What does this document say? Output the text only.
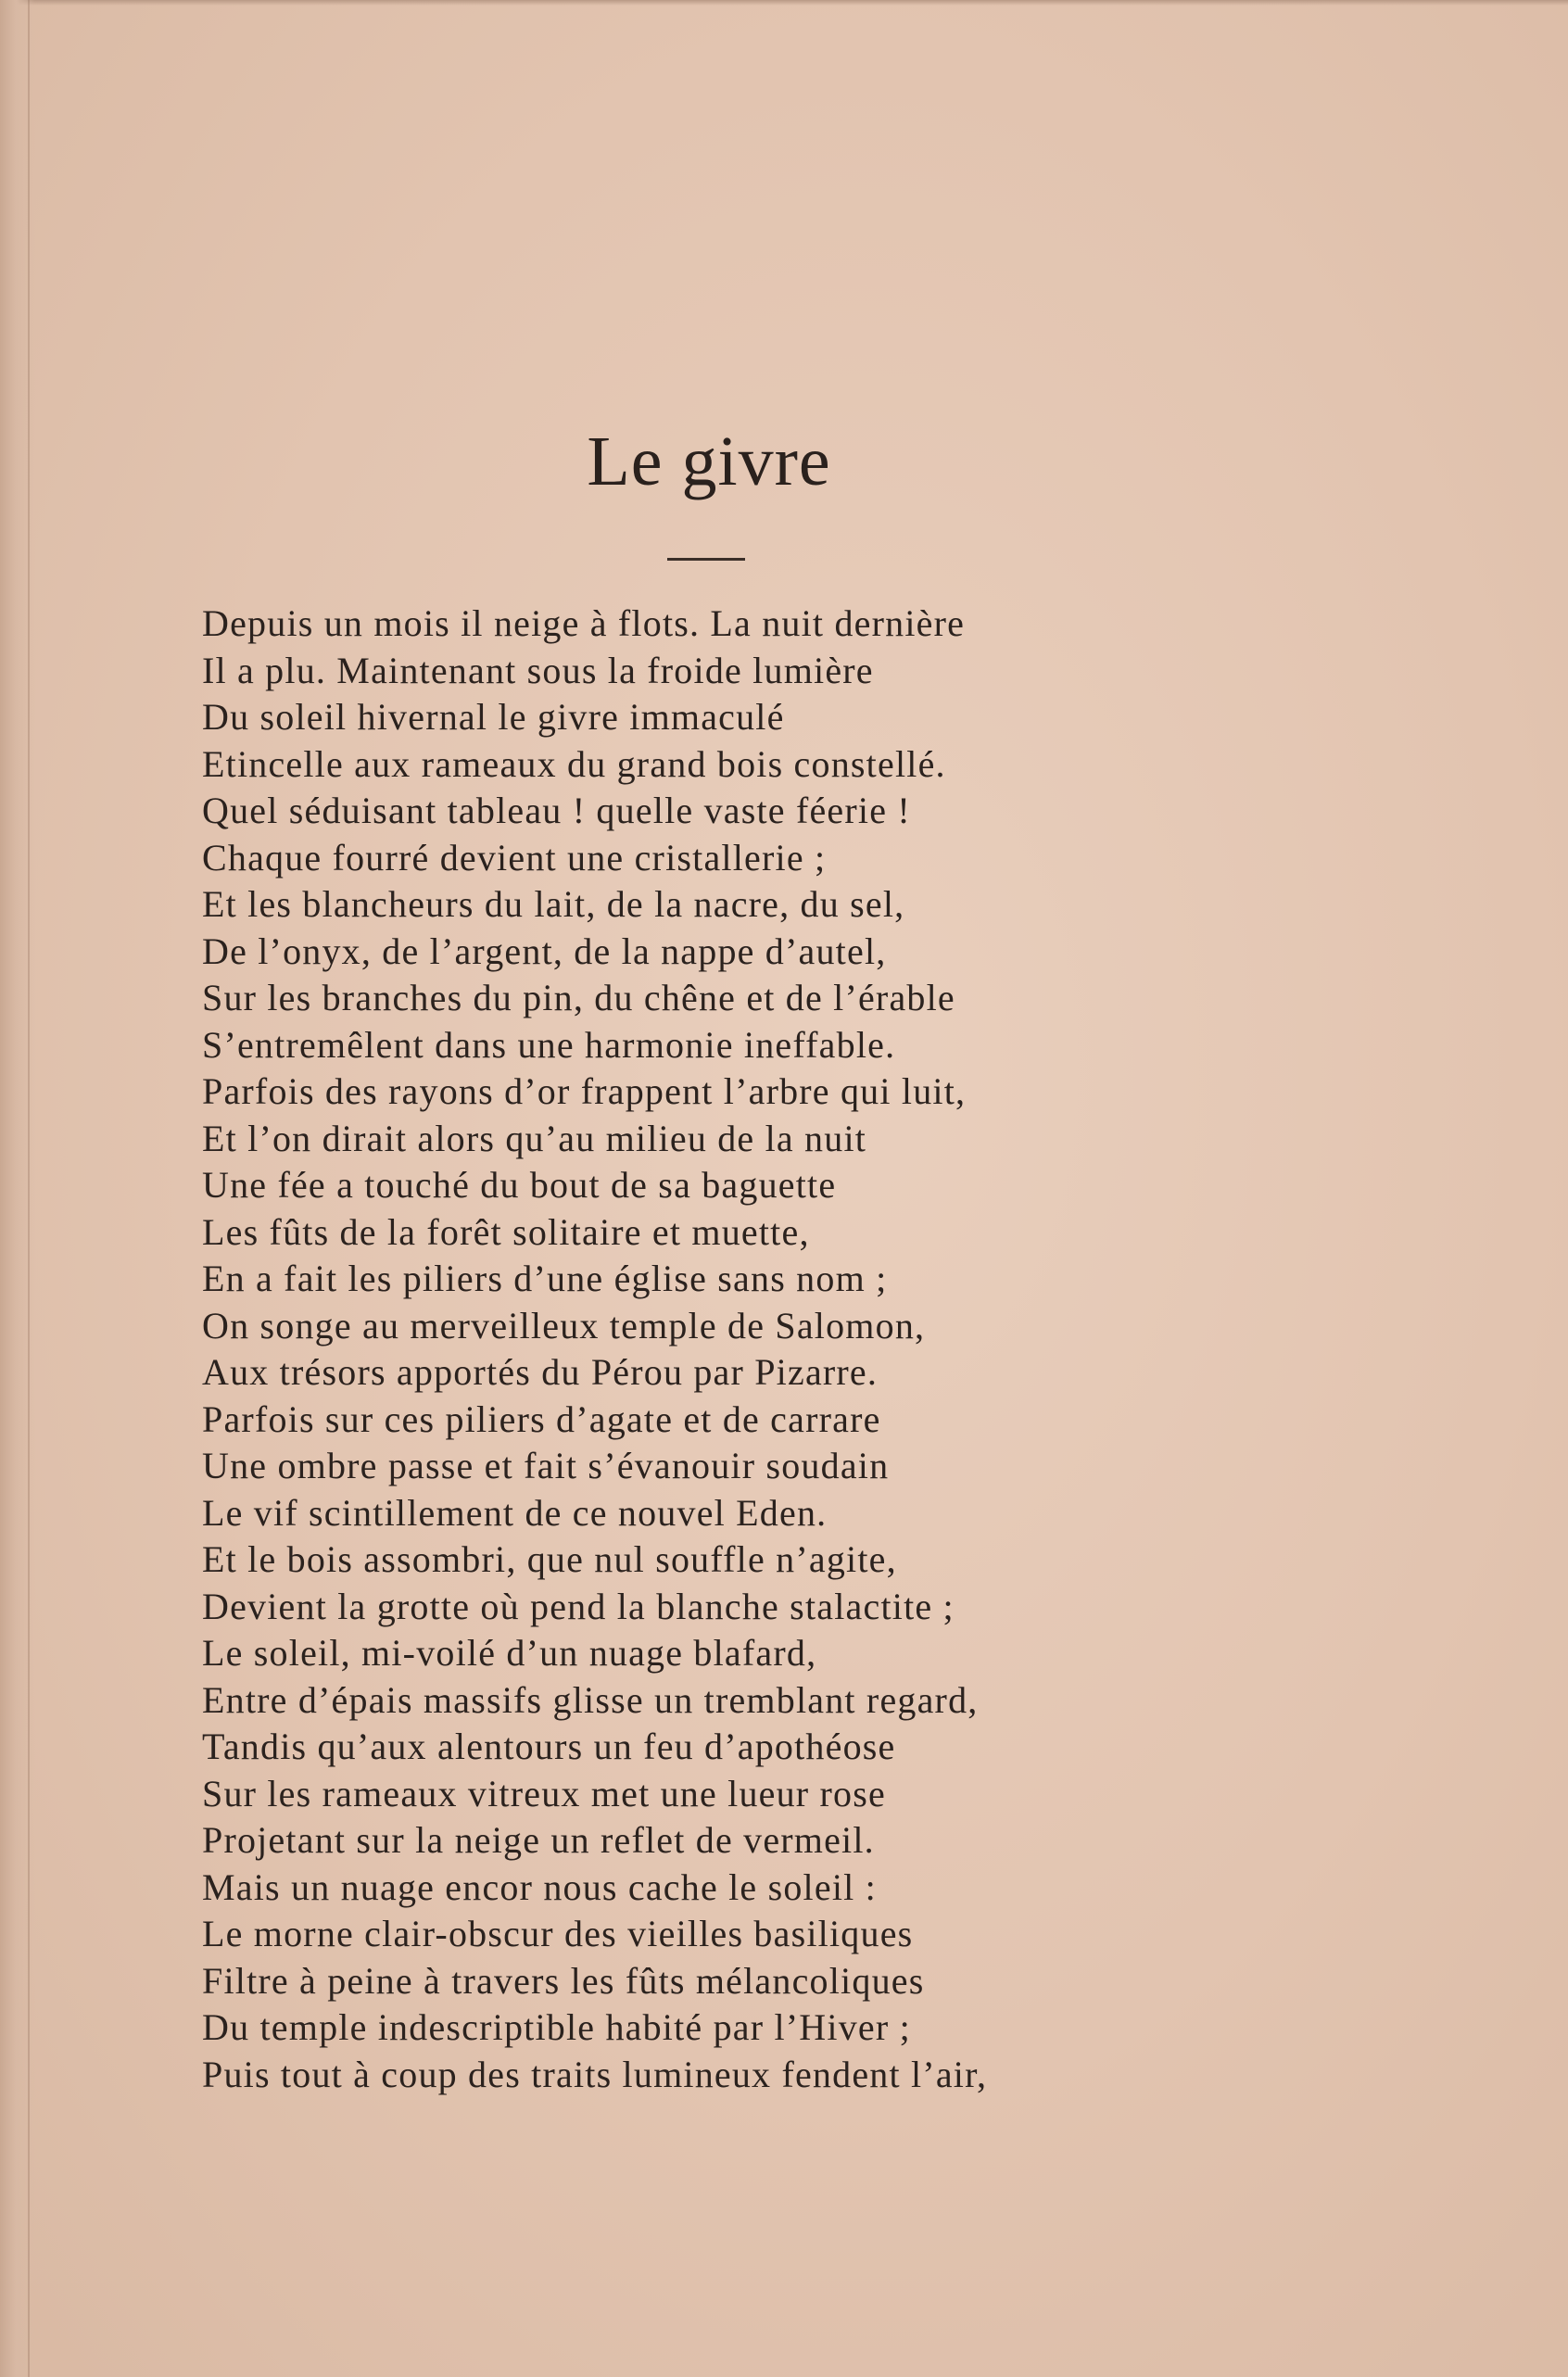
Le givre
Depuis un mois il neige à flots. La nuit dernière
Il a plu. Maintenant sous la froide lumière
Du soleil hivernal le givre immaculé
Etincelle aux rameaux du grand bois constellé.
Quel séduisant tableau ! quelle vaste féerie !
Chaque fourré devient une cristallerie ;
Et les blancheurs du lait, de la nacre, du sel,
De l’onyx, de l’argent, de la nappe d’autel,
Sur les branches du pin, du chêne et de l’érable
S’entremêlent dans une harmonie ineffable.
Parfois des rayons d’or frappent l’arbre qui luit,
Et l’on dirait alors qu’au milieu de la nuit
Une fée a touché du bout de sa baguette
Les fûts de la forêt solitaire et muette,
En a fait les piliers d’une église sans nom ;
On songe au merveilleux temple de Salomon,
Aux trésors apportés du Pérou par Pizarre.
Parfois sur ces piliers d’agate et de carrare
Une ombre passe et fait s’évanouir soudain
Le vif scintillement de ce nouvel Eden.
Et le bois assombri, que nul souffle n’agite,
Devient la grotte où pend la blanche stalactite ;
Le soleil, mi-voilé d’un nuage blafard,
Entre d’épais massifs glisse un tremblant regard,
Tandis qu’aux alentours un feu d’apothéose
Sur les rameaux vitreux met une lueur rose
Projetant sur la neige un reflet de vermeil.
Mais un nuage encor nous cache le soleil :
Le morne clair-obscur des vieilles basiliques
Filtre à peine à travers les fûts mélancoliques
Du temple indescriptible habité par l’Hiver ;
Puis tout à coup des traits lumineux fendent l’air,
